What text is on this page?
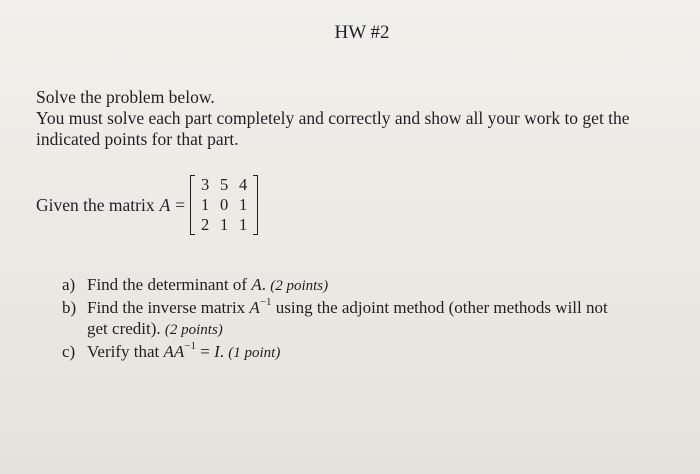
HW #2
Solve the problem below.
You must solve each part completely and correctly and show all your work to get the
indicated points for that part.
Given the matrix A =
3 5 4
1 0 1
2 1 1
a) Find the determinant of A. (2 points)
b) Find the inverse matrix $A^{-1}$ using the adjoint method (other methods will not
get credit). (2 points)
c) Verify that $AA^{-1} = I$. (1 point)
